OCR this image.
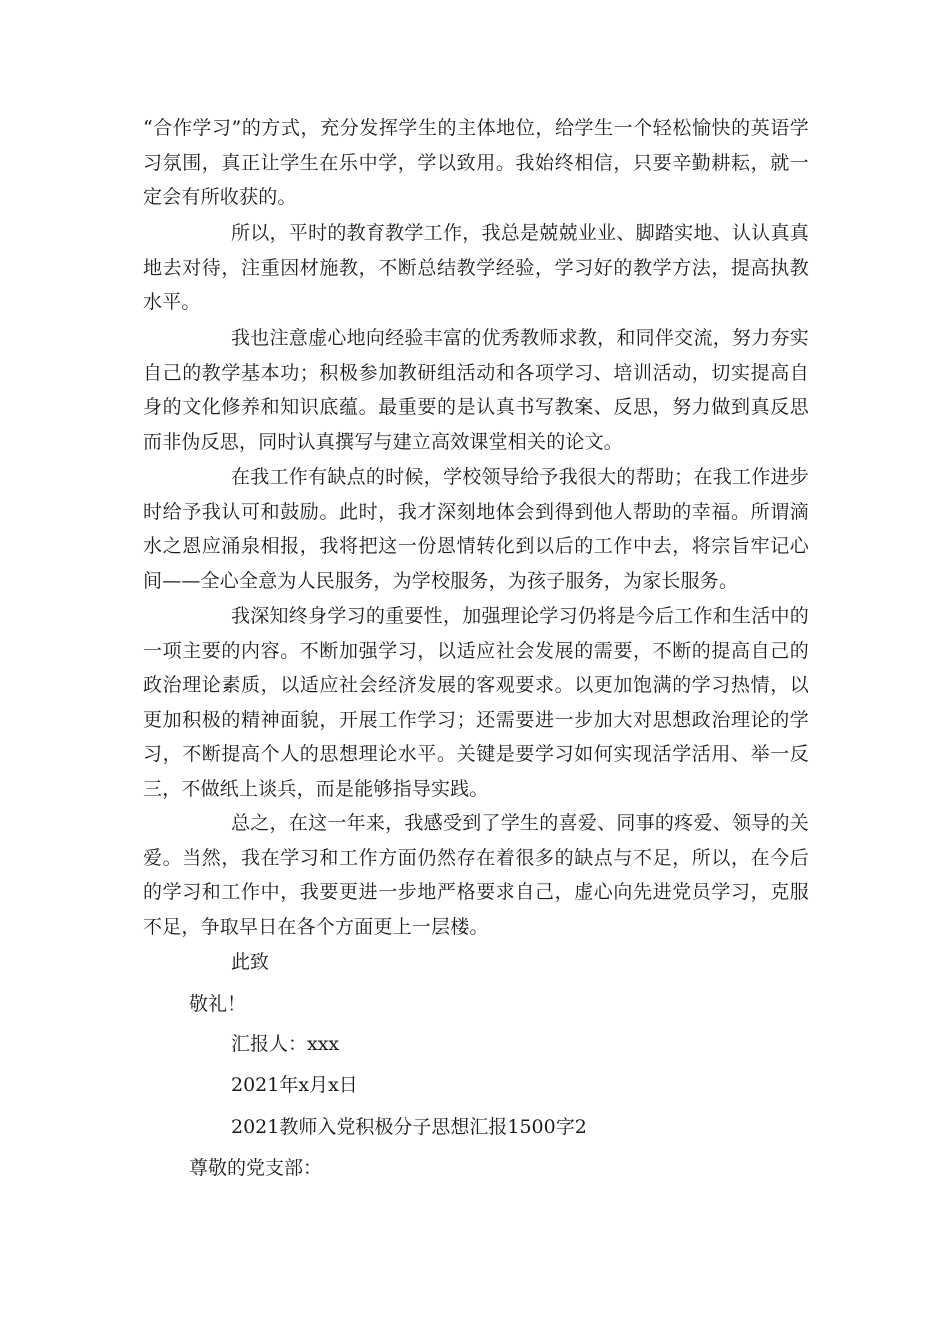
“合作学习”的方式，充分发挥学生的主体地位，给学生一个轻松愉快的英语学习氛围，真正让学生在乐中学，学以致用。我始终相信，只要辛勤耕耘，就一定会有所收获的。

所以，平时的教育教学工作，我总是兢兢业业、脚踏实地、认认真真地去对待，注重因材施教，不断总结教学经验，学习好的教学方法，提高执教水平。

我也注意虚心地向经验丰富的优秀教师求教，和同伴交流，努力夯实自己的教学基本功；积极参加教研组活动和各项学习、培训活动，切实提高自身的文化修养和知识底蕴。最重要的是认真书写教案、反思，努力做到真反思而非伪反思，同时认真撰写与建立高效课堂相关的论文。

在我工作有缺点的时候，学校领导给予我很大的帮助；在我工作进步时给予我认可和鼓励。此时，我才深刻地体会到得到他人帮助的幸福。所谓滴水之恩应涌泉相报，我将把这一份恩情转化到以后的工作中去，将宗旨牢记心间——全心全意为人民服务，为学校服务，为孩子服务，为家长服务。

我深知终身学习的重要性，加强理论学习仍将是今后工作和生活中的一项主要的内容。不断加强学习，以适应社会发展的需要，不断的提高自己的政治理论素质，以适应社会经济发展的客观要求。以更加饱满的学习热情，以更加积极的精神面貌，开展工作学习；还需要进一步加大对思想政治理论的学习，不断提高个人的思想理论水平。关键是要学习如何实现活学活用、举一反三，不做纸上谈兵，而是能够指导实践。

总之，在这一年来，我感受到了学生的喜爱、同事的疼爱、领导的关爱。当然，我在学习和工作方面仍然存在着很多的缺点与不足，所以，在今后的学习和工作中，我要更进一步地严格要求自己，虚心向先进党员学习，克服不足，争取早日在各个方面更上一层楼。

此致

敬礼！

汇报人：xxx

2021年x月x日

2021教师入党积极分子思想汇报1500字2

尊敬的党支部：
